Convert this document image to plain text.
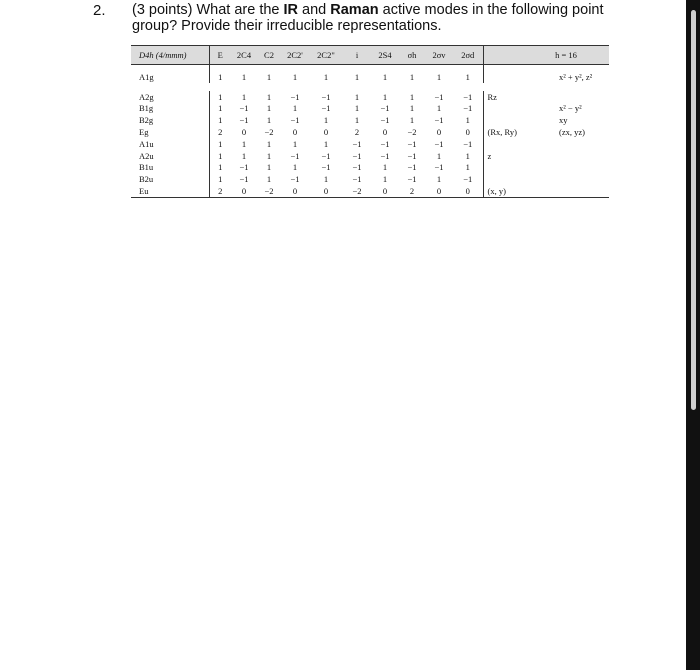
2. (3 points) What are the IR and Raman active modes in the following point group? Provide their irreducible representations.
D4h (4/mmm)	E	2C4	C2	2C2'	2C2"	i	2S4	σh	2σv	2σd		h = 16
A1g	1	1	1	1	1	1	1	1	1	1		x² + y², z²

A2g	1	1	1	−1	−1	1	1	1	−1	−1	Rz	
B1g	1	−1	1	1	−1	1	−1	1	1	−1		x² − y²
B2g	1	−1	1	−1	1	1	−1	1	−1	1		xy
Eg	2	0	−2	0	0	2	0	−2	0	0	(Rx, Ry)	(zx, yz)
A1u	1	1	1	1	1	−1	−1	−1	−1	−1		
A2u	1	1	1	−1	−1	−1	−1	−1	1	1	z	
B1u	1	−1	1	1	−1	−1	1	−1	−1	1		
B2u	1	−1	1	−1	1	−1	1	−1	1	−1		
Eu	2	0	−2	0	0	−2	0	2	0	0	(x, y)	
